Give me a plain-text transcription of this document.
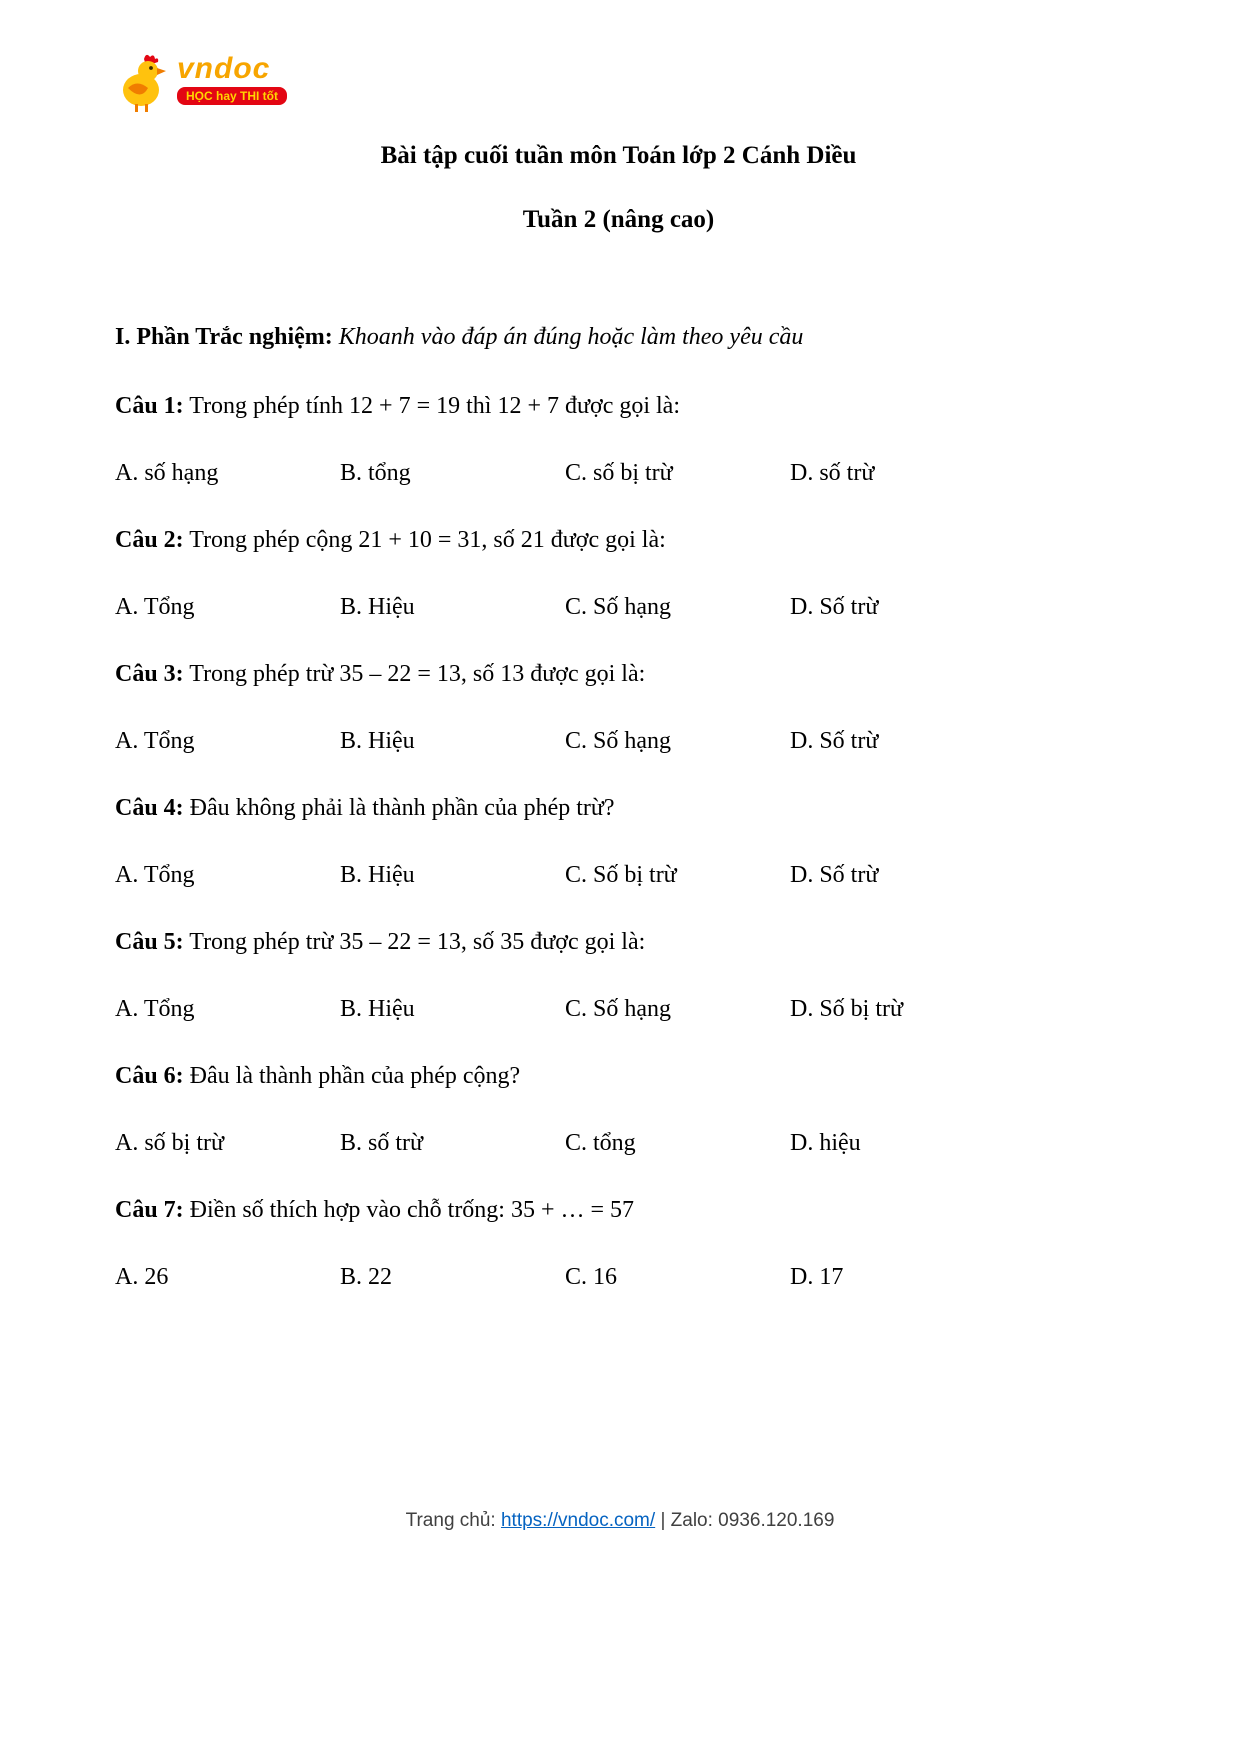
vndoc
HỌC hay THI tốt
Bài tập cuối tuần môn Toán lớp 2 Cánh Diều
Tuần 2 (nâng cao)

I. Phần Trắc nghiệm: Khoanh vào đáp án đúng hoặc làm theo yêu cầu

Câu 1: Trong phép tính 12 + 7 = 19 thì 12 + 7 được gọi là:

A. số hạng	B. tổng	C. số bị trừ	D. số trừ

Câu 2: Trong phép cộng 21 + 10 = 31, số 21 được gọi là:

A. Tổng	B. Hiệu	C. Số hạng	D. Số trừ

Câu 3: Trong phép trừ 35 – 22 = 13, số 13 được gọi là:

A. Tổng	B. Hiệu	C. Số hạng	D. Số trừ

Câu 4: Đâu không phải là thành phần của phép trừ?

A. Tổng	B. Hiệu	C. Số bị trừ	D. Số trừ

Câu 5: Trong phép trừ 35 – 22 = 13, số 35 được gọi là:

A. Tổng	B. Hiệu	C. Số hạng	D. Số bị trừ

Câu 6: Đâu là thành phần của phép cộng?

A. số bị trừ	B. số trừ	C. tổng	D. hiệu

Câu 7: Điền số thích hợp vào chỗ trống: 35 + … = 57

A. 26	B. 22	C. 16	D. 17
Trang chủ: https://vndoc.com/ | Zalo: 0936.120.169
